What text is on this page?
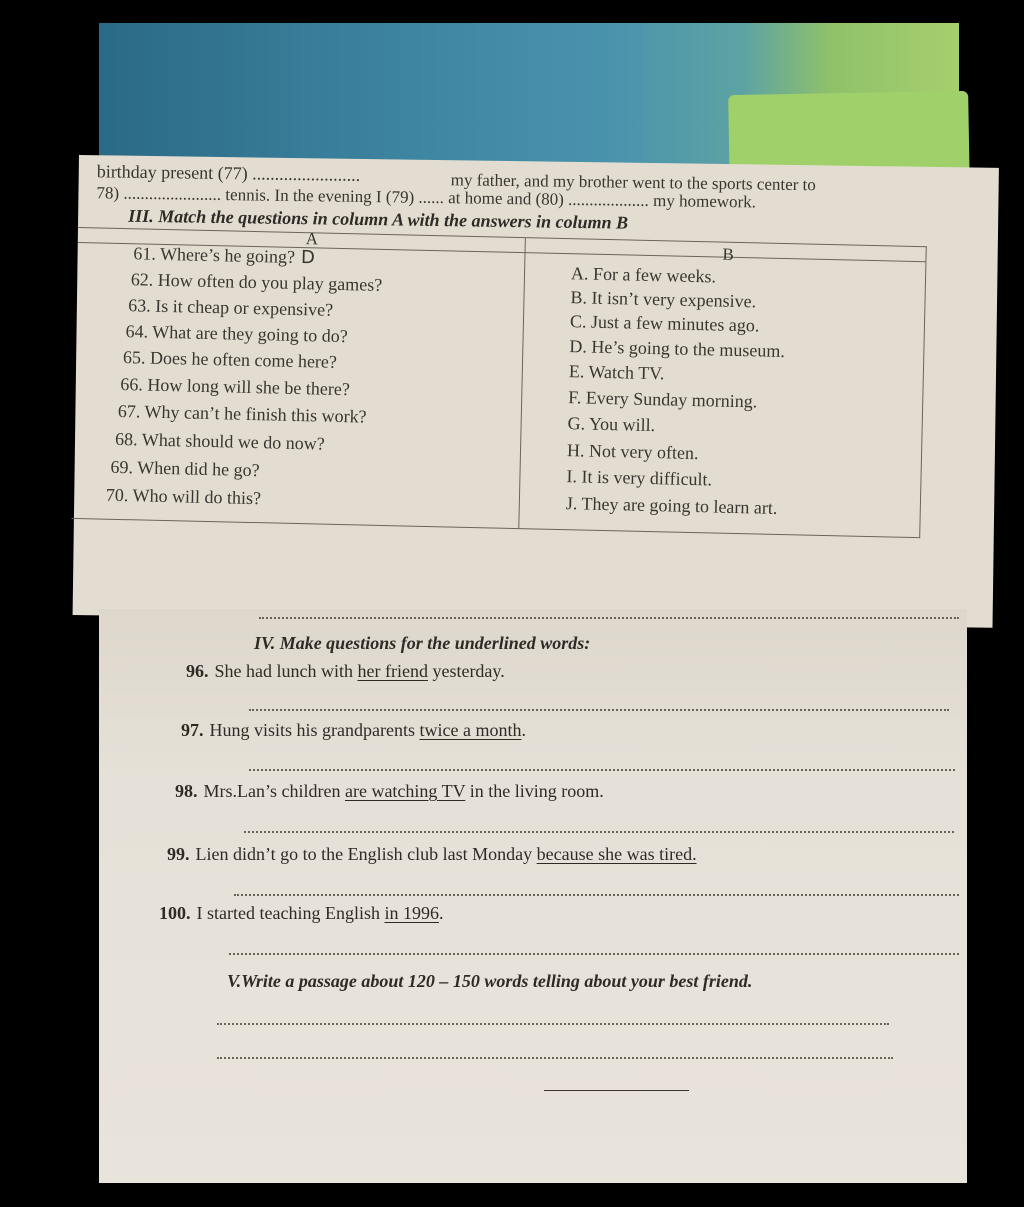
birthday present (77) ........................	my father, and my brother went to the sports center to
78) ....................... tennis. In the evening I (79) ...... at home and (80) ................... my homework.
III. Match the questions in column A with the answers in column B
A
B
61. Where’s he going? D
62. How often do you play games?
63. Is it cheap or expensive?
64. What are they going to do?
65. Does he often come here?
66. How long will she be there?
67. Why can’t he finish this work?
68. What should we do now?
69. When did he go?
70. Who will do this?
A. For a few weeks.
B. It isn’t very expensive.
C. Just a few minutes ago.
D. He’s going to the museum.
E. Watch TV.
F. Every Sunday morning.
G. You will.
H. Not very often.
I. It is very difficult.
J. They are going to learn art.
IV. Make questions for the underlined words:
96. She had lunch with her friend yesterday.
97. Hung visits his grandparents twice a month.
98. Mrs.Lan’s children are watching TV in the living room.
99. Lien didn’t go to the English club last Monday because she was tired.
100. I started teaching English in 1996.
V.Write a passage about 120 – 150 words telling about your best friend.
